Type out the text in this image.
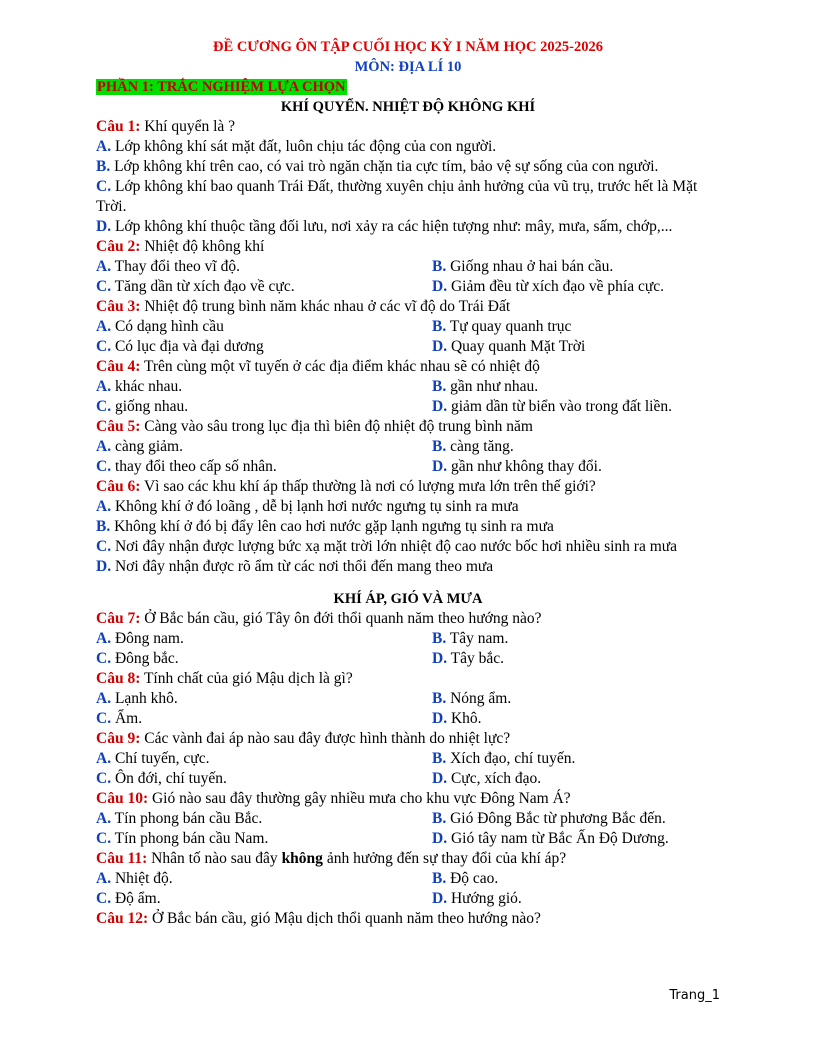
ĐỀ CƯƠNG ÔN TẬP CUỐI HỌC KỲ I NĂM HỌC 2025-2026
MÔN: ĐỊA LÍ 10
PHẦN 1: TRẮC NGHIỆM LỰA CHỌN
KHÍ QUYỂN. NHIỆT ĐỘ KHÔNG KHÍ
Câu 1: Khí quyển là ?
A. Lớp không khí sát mặt đất, luôn chịu tác động của con người.
B. Lớp không khí trên cao, có vai trò ngăn chặn tia cực tím, bảo vệ sự sống của con người.
C. Lớp không khí bao quanh Trái Đất, thường xuyên chịu ảnh hưởng của vũ trụ, trước hết là Mặt Trời.
D. Lớp không khí thuộc tầng đối lưu, nơi xảy ra các hiện tượng như: mây, mưa, sấm, chớp,...
Câu 2: Nhiệt độ không khí
A. Thay đổi theo vĩ độ.	B. Giống nhau ở hai bán cầu.
C. Tăng dần từ xích đạo về cực.	D. Giảm đều từ xích đạo về phía cực.
Câu 3: Nhiệt độ trung bình năm khác nhau ở các vĩ độ do Trái Đất
A. Có dạng hình cầu	B. Tự quay quanh trục
C. Có lục địa và đại dương	D. Quay quanh Mặt Trời
Câu 4: Trên cùng một vĩ tuyến ở các địa điểm khác nhau sẽ có nhiệt độ
A. khác nhau.	B. gần như nhau.
C. giống nhau.	D. giảm dần từ biển vào trong đất liền.
Câu 5: Càng vào sâu trong lục địa thì biên độ nhiệt độ trung bình năm
A. càng giảm.	B. càng tăng.
C. thay đổi theo cấp số nhân.	D. gần như không thay đổi.
Câu 6: Vì sao các khu khí áp thấp thường là nơi có lượng mưa lớn trên thế giới?
A. Không khí ở đó loãng , dễ bị lạnh hơi nước ngưng tụ sinh ra mưa
B. Không khí ở đó bị đẩy lên cao hơi nước gặp lạnh ngưng tụ sinh ra mưa
C. Nơi đây nhận được lượng bức xạ mặt trời lớn nhiệt độ cao nước bốc hơi nhiều sinh ra mưa
D. Nơi đây nhận được rõ ẩm từ các nơi thổi đến mang theo mưa
KHÍ ÁP, GIÓ VÀ MƯA
Câu 7: Ở Bắc bán cầu, gió Tây ôn đới thổi quanh năm theo hướng nào?
A. Đông nam.	B. Tây nam.
C. Đông bắc.	D. Tây bắc.
Câu 8: Tính chất của gió Mậu dịch là gì?
A. Lạnh khô.	B. Nóng ẩm.
C. Ẩm.	D. Khô.
Câu 9: Các vành đai áp nào sau đây được hình thành do nhiệt lực?
A. Chí tuyến, cực.	B. Xích đạo, chí tuyến.
C. Ôn đới, chí tuyến.	D. Cực, xích đạo.
Câu 10: Gió nào sau đây thường gây nhiều mưa cho khu vực Đông Nam Á?
A. Tín phong bán cầu Bắc.	B. Gió Đông Bắc từ phương Bắc đến.
C. Tín phong bán cầu Nam.	D. Gió tây nam từ Bắc Ấn Độ Dương.
Câu 11: Nhân tố nào sau đây không ảnh hưởng đến sự thay đổi của khí áp?
A. Nhiệt độ.	B. Độ cao.
C. Độ ẩm.	D. Hướng gió.
Câu 12: Ở Bắc bán cầu, gió Mậu dịch thổi quanh năm theo hướng nào?
Trang_1
